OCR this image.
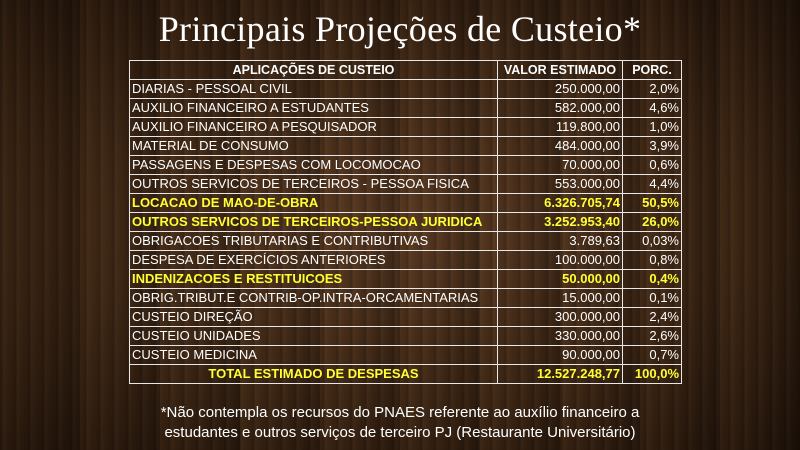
Principais Projeções de Custeio*
APLICAÇÕES DE CUSTEIO	VALOR ESTIMADO	PORC.
DIARIAS - PESSOAL CIVIL	250.000,00	2,0%
AUXILIO FINANCEIRO A ESTUDANTES	582.000,00	4,6%
AUXILIO FINANCEIRO A PESQUISADOR	119.800,00	1,0%
MATERIAL DE CONSUMO	484.000,00	3,9%
PASSAGENS E DESPESAS COM LOCOMOCAO	70.000,00	0,6%
OUTROS SERVICOS DE TERCEIROS - PESSOA FISICA	553.000,00	4,4%
LOCACAO DE MAO-DE-OBRA	6.326.705,74	50,5%
OUTROS SERVICOS DE TERCEIROS-PESSOA JURIDICA	3.252.953,40	26,0%
OBRIGACOES TRIBUTARIAS E CONTRIBUTIVAS	3.789,63	0,03%
DESPESA DE EXERCÍCIOS ANTERIORES	100.000,00	0,8%
INDENIZACOES E RESTITUICOES	50.000,00	0,4%
OBRIG.TRIBUT.E CONTRIB-OP.INTRA-ORCAMENTARIAS	15.000,00	0,1%
CUSTEIO DIREÇÃO	300.000,00	2,4%
CUSTEIO UNIDADES	330.000,00	2,6%
CUSTEIO MEDICINA	90.000,00	0,7%
TOTAL ESTIMADO DE DESPESAS	12.527.248,77	100,0%
*Não contempla os recursos do PNAES referente ao auxílio financeiro a
estudantes e outros serviços de terceiro PJ (Restaurante Universitário)
